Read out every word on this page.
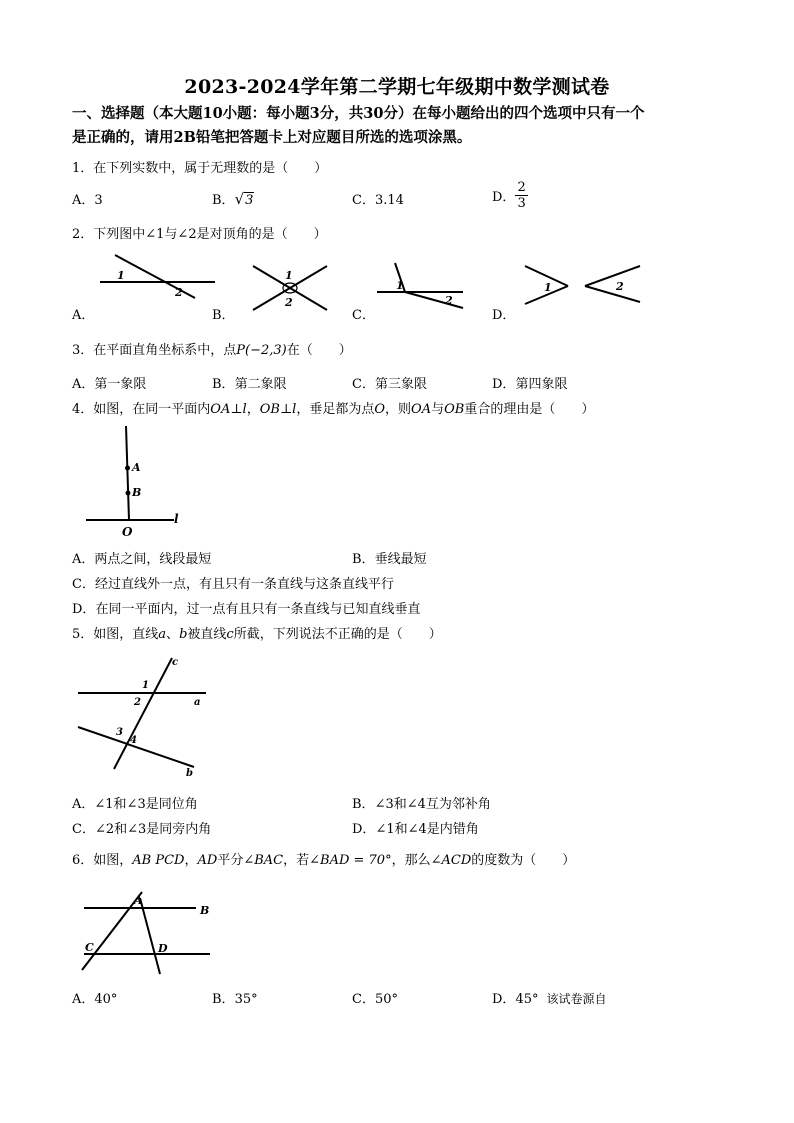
2023-2024学年第二学期七年级期中数学测试卷
一、选择题（本大题10小题：每小题3分，共30分）在每小题给出的四个选项中只有一个
是正确的，请用2B铅笔把答题卡上对应题目所选的选项涂黑。
1．在下列实数中，属于无理数的是（　　）
A．3	B．√3	C．3.14	D． $\frac{2}{3}$
2．下列图中∠1与∠2是对顶角的是（　　）
1
2
A．
1
2
B．
1
2
C．
1	2
D．
3．在平面直角坐标系中，点P(−2,3)在（　　）
A．第一象限	B．第二象限	C．第三象限	D．第四象限
4．如图，在同一平面内OA⊥l，OB⊥l，垂足都为点O，则OA与OB重合的理由是（　　）
A
B
O
l
A．两点之间，线段最短	B．垂线最短
C．经过直线外一点，有且只有一条直线与这条直线平行
D．在同一平面内，过一点有且只有一条直线与已知直线垂直
5．如图，直线a、b被直线c所截，下列说法不正确的是（　　）
c
a
b
1
2
3
4
A．∠1和∠3是同位角	B．∠3和∠4互为邻补角
C．∠2和∠3是同旁内角	D．∠1和∠4是内错角
6．如图，AB PCD，AD平分∠BAC，若∠BAD = 70°，那么∠ACD的度数为（　　）
A
B
C	D
A．40°	B．35°	C．50°	D．45° 该试卷源自
